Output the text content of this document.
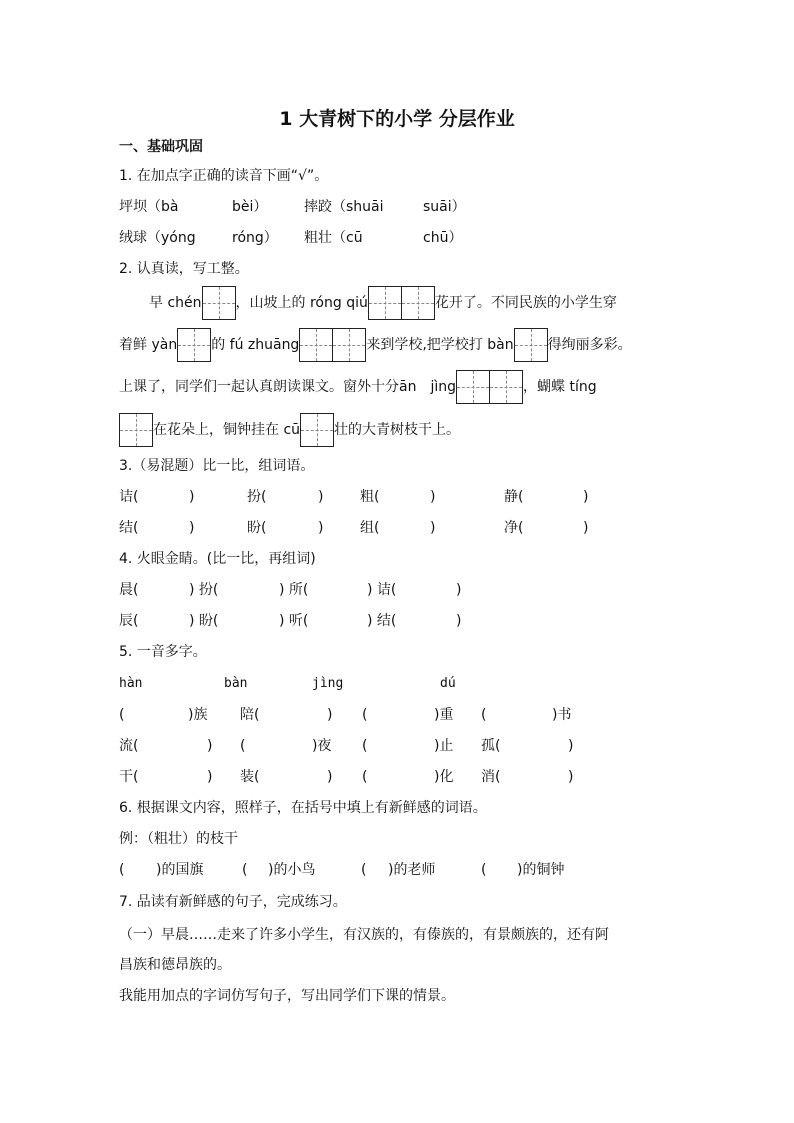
1 大青树下的小学 分层作业
一、基础巩固
1. 在加点字正确的读音下画“√”。
坪坝（bà	bèi）	摔跤（shuāi	suāi）
绒球（yóng	róng） 粗壮（cū	chū）
2. 认真读，写工整。
早 chén ，山坡上的 róng qiú	花开了。不同民族的小学生穿
着鲜 yàn 的 fú zhuāng	来到学校,把学校打 bàn 得绚丽多彩。
上课了，同学们一起认真朗读课文。窗外十分ān　jìng	，蝴蝶 tíng
在花朵上，铜钟挂在 cū 壮的大青树枝干上。
3.（易混题）比一比，组词语。
诘(	)	扮(	)	粗(	)	静(	)
结(	)	盼(	)	组(	)	净(	)
4. 火眼金睛。(比一比，再组词)
晨(	) 扮(	) 所(	) 诘(	)
辰(	) 盼(	) 听(	) 结(	)
5. 一音多字。
hàn	bàn	jìng	dú
(	)族 陪(	) (	)重 (	)书
流(	) (	)夜 (	)止 孤(	)
干(	) 装(	) (	)化 消(	)
6. 根据课文内容，照样子，在括号中填上有新鲜感的词语。
例：（粗壮）的枝干
( )的国旗	( )的小鸟	( )的老师	( )的铜钟
7. 品读有新鲜感的句子，完成练习。
（一）早晨……走来了许多小学生，有汉族的，有傣族的，有景颇族的，还有阿
昌族和德昂族的。
我能用加点的字词仿写句子，写出同学们下课的情景。
